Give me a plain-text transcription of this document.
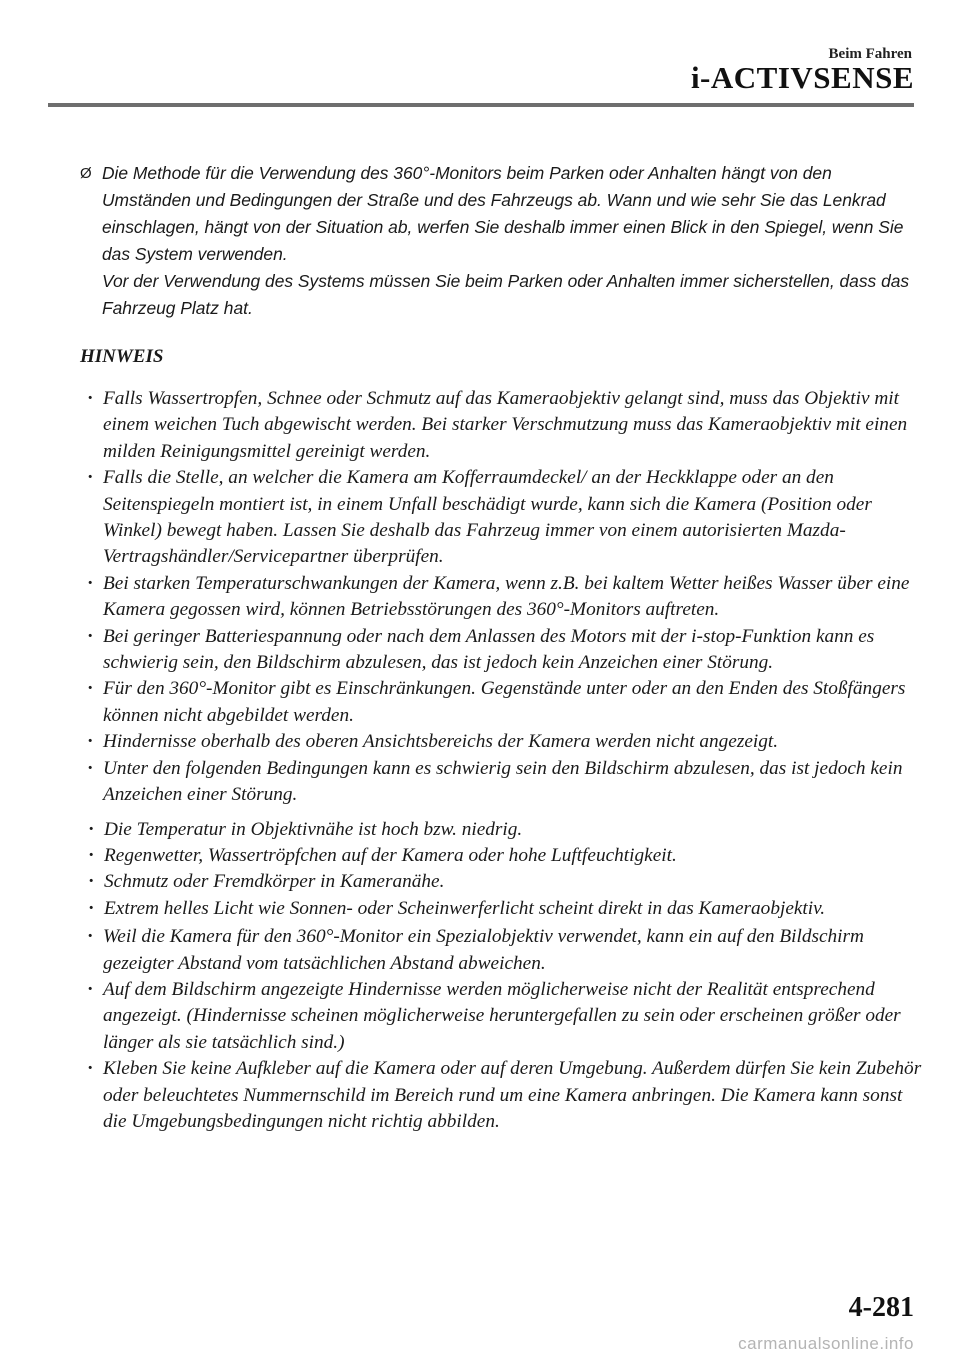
Beim Fahren
i-ACTIVSENSE
Ø Die Methode für die Verwendung des 360°-Monitors beim Parken oder Anhalten hängt von den Umständen und Bedingungen der Straße und des Fahrzeugs ab. Wann und wie sehr Sie das Lenkrad einschlagen, hängt von der Situation ab, werfen Sie deshalb immer einen Blick in den Spiegel, wenn Sie das System verwenden.

Vor der Verwendung des Systems müssen Sie beim Parken oder Anhalten immer sicherstellen, dass das Fahrzeug Platz hat.

HINWEIS
· Falls Wassertropfen, Schnee oder Schmutz auf das Kameraobjektiv gelangt sind, muss das Objektiv mit einem weichen Tuch abgewischt werden. Bei starker Verschmutzung muss das Kameraobjektiv mit einen milden Reinigungsmittel gereinigt werden.
· Falls die Stelle, an welcher die Kamera am Kofferraumdeckel/ an der Heckklappe oder an den Seitenspiegeln montiert ist, in einem Unfall beschädigt wurde, kann sich die Kamera (Position oder Winkel) bewegt haben. Lassen Sie deshalb das Fahrzeug immer von einem autorisierten Mazda-Vertragshändler/Servicepartner überprüfen.
· Bei starken Temperaturschwankungen der Kamera, wenn z.B. bei kaltem Wetter heißes Wasser über eine Kamera gegossen wird, können Betriebsstörungen des 360°-Monitors auftreten.
· Bei geringer Batteriespannung oder nach dem Anlassen des Motors mit der i-stop-Funktion kann es schwierig sein, den Bildschirm abzulesen, das ist jedoch kein Anzeichen einer Störung.
· Für den 360°-Monitor gibt es Einschränkungen. Gegenstände unter oder an den Enden des Stoßfängers können nicht abgebildet werden.
· Hindernisse oberhalb des oberen Ansichtsbereichs der Kamera werden nicht angezeigt.
· Unter den folgenden Bedingungen kann es schwierig sein den Bildschirm abzulesen, das ist jedoch kein Anzeichen einer Störung.
· Die Temperatur in Objektivnähe ist hoch bzw. niedrig.
· Regenwetter, Wassertröpfchen auf der Kamera oder hohe Luftfeuchtigkeit.
· Schmutz oder Fremdkörper in Kameranähe.
· Extrem helles Licht wie Sonnen- oder Scheinwerferlicht scheint direkt in das Kameraobjektiv.
· Weil die Kamera für den 360°-Monitor ein Spezialobjektiv verwendet, kann ein auf den Bildschirm gezeigter Abstand vom tatsächlichen Abstand abweichen.
· Auf dem Bildschirm angezeigte Hindernisse werden möglicherweise nicht der Realität entsprechend angezeigt. (Hindernisse scheinen möglicherweise heruntergefallen zu sein oder erscheinen größer oder länger als sie tatsächlich sind.)
· Kleben Sie keine Aufkleber auf die Kamera oder auf deren Umgebung. Außerdem dürfen Sie kein Zubehör oder beleuchtetes Nummernschild im Bereich rund um eine Kamera anbringen. Die Kamera kann sonst die Umgebungsbedingungen nicht richtig abbilden.
4-281
carmanualsonline.info
